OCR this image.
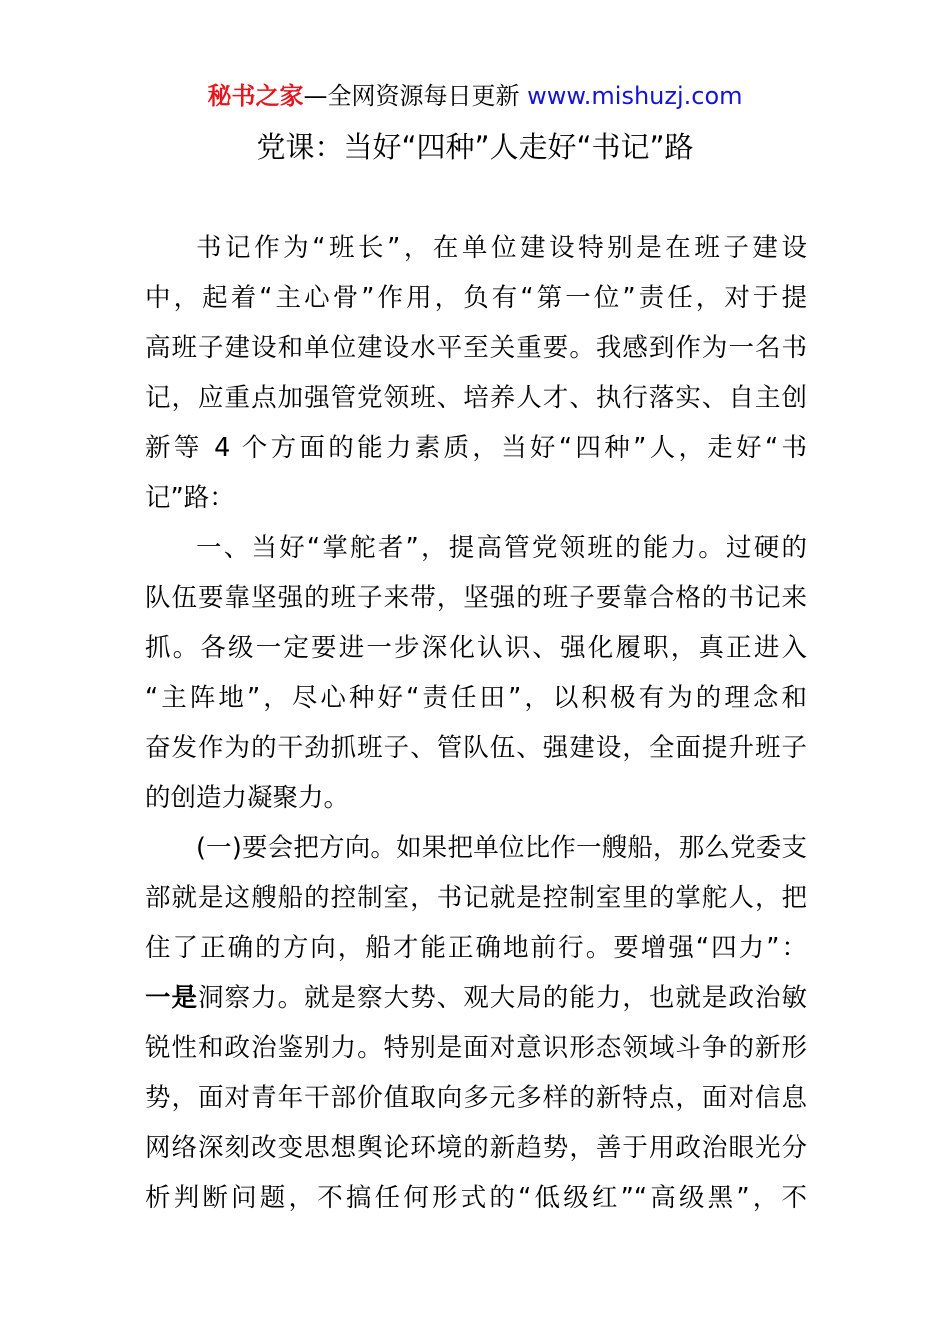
秘书之家—全网资源每日更新 www.mishuzj.com
党课：当好“四种”人走好“书记”路
书记作为“班长”，在单位建设特别是在班子建设
中，起着“主心骨”作用，负有“第一位”责任，对于提
高班子建设和单位建设水平至关重要。我感到作为一名书
记，应重点加强管党领班、培养人才、执行落实、自主创
新等 4 个方面的能力素质，当好“四种”人，走好“书
记”路：
一、当好“掌舵者”，提高管党领班的能力。过硬的
队伍要靠坚强的班子来带，坚强的班子要靠合格的书记来
抓。各级一定要进一步深化认识、强化履职，真正进入
“主阵地”，尽心种好“责任田”，以积极有为的理念和
奋发作为的干劲抓班子、管队伍、强建设，全面提升班子
的创造力凝聚力。
(一)要会把方向。如果把单位比作一艘船，那么党委支
部就是这艘船的控制室，书记就是控制室里的掌舵人，把
住了正确的方向，船才能正确地前行。要增强“四力”：
一是洞察力。就是察大势、观大局的能力，也就是政治敏
锐性和政治鉴别力。特别是面对意识形态领域斗争的新形
势，面对青年干部价值取向多元多样的新特点，面对信息
网络深刻改变思想舆论环境的新趋势，善于用政治眼光分
析判断问题，不搞任何形式的“低级红”“高级黑”，不
